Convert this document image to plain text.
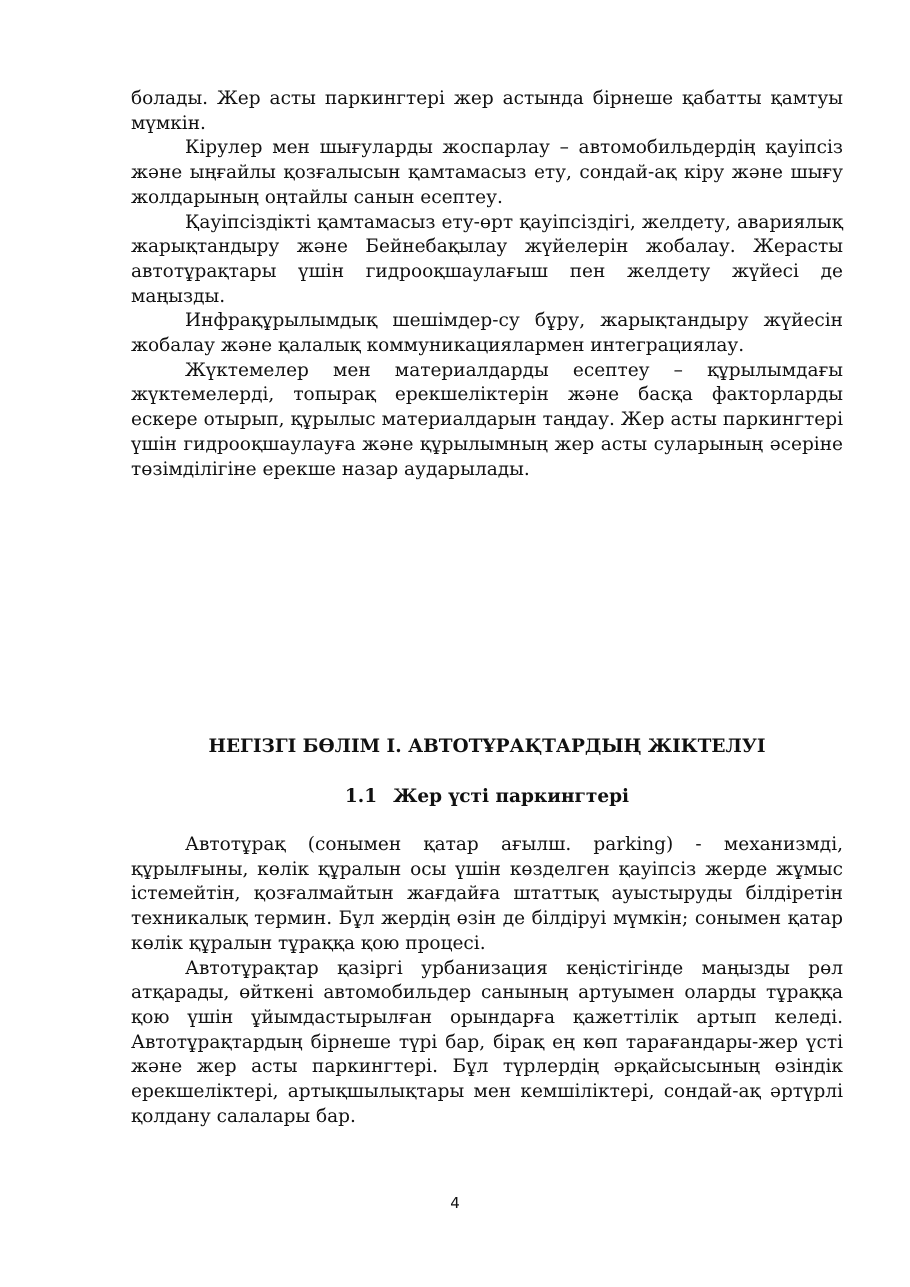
болады. Жер асты паркингтері жер астында бірнеше қабатты қамтуы мүмкін.

Кірулер мен шығуларды жоспарлау – автомобильдердің қауіпсіз және ыңғайлы қозғалысын қамтамасыз ету, сондай-ақ кіру және шығу жолдарының оңтайлы санын есептеу.

Қауіпсіздікті қамтамасыз ету-өрт қауіпсіздігі, желдету, авариялық жарықтандыру және Бейнебақылау жүйелерін жобалау. Жерасты автотұрақтары үшін гидрооқшаулағыш пен желдету жүйесі де маңызды.

Инфрақұрылымдық шешімдер-су бұру, жарықтандыру жүйесін жобалау және қалалық коммуникациялармен интеграциялау.

Жүктемелер мен материалдарды есептеу – құрылымдағы жүктемелерді, топырақ ерекшеліктерін және басқа факторларды ескере отырып, құрылыс материалдарын таңдау. Жер асты паркингтері үшін гидрооқшаулауға және құрылымның жер асты суларының әсеріне төзімділігіне ерекше назар аударылады.

НЕГІЗГІ БӨЛІМ І. АВТОТҰРАҚТАРДЫҢ ЖІКТЕЛУІ
1.1 Жер үсті паркингтері

Автотұрақ (сонымен қатар ағылш. parking) - механизмді, құрылғыны, көлік құралын осы үшін көзделген қауіпсіз жерде жұмыс істемейтін, қозғалмайтын жағдайға штаттық ауыстыруды білдіретін техникалық термин. Бұл жердің өзін де білдіруі мүмкін; сонымен қатар көлік құралын тұраққа қою процесі.

Автотұрақтар қазіргі урбанизация кеңістігінде маңызды рөл атқарады, өйткені автомобильдер санының артуымен оларды тұраққа қою үшін ұйымдастырылған орындарға қажеттілік артып келеді. Автотұрақтардың бірнеше түрі бар, бірақ ең көп тарағандары-жер үсті және жер асты паркингтері. Бұл түрлердің әрқайсысының өзіндік ерекшеліктері, артықшылықтары мен кемшіліктері, сондай-ақ әртүрлі қолдану салалары бар.

4
